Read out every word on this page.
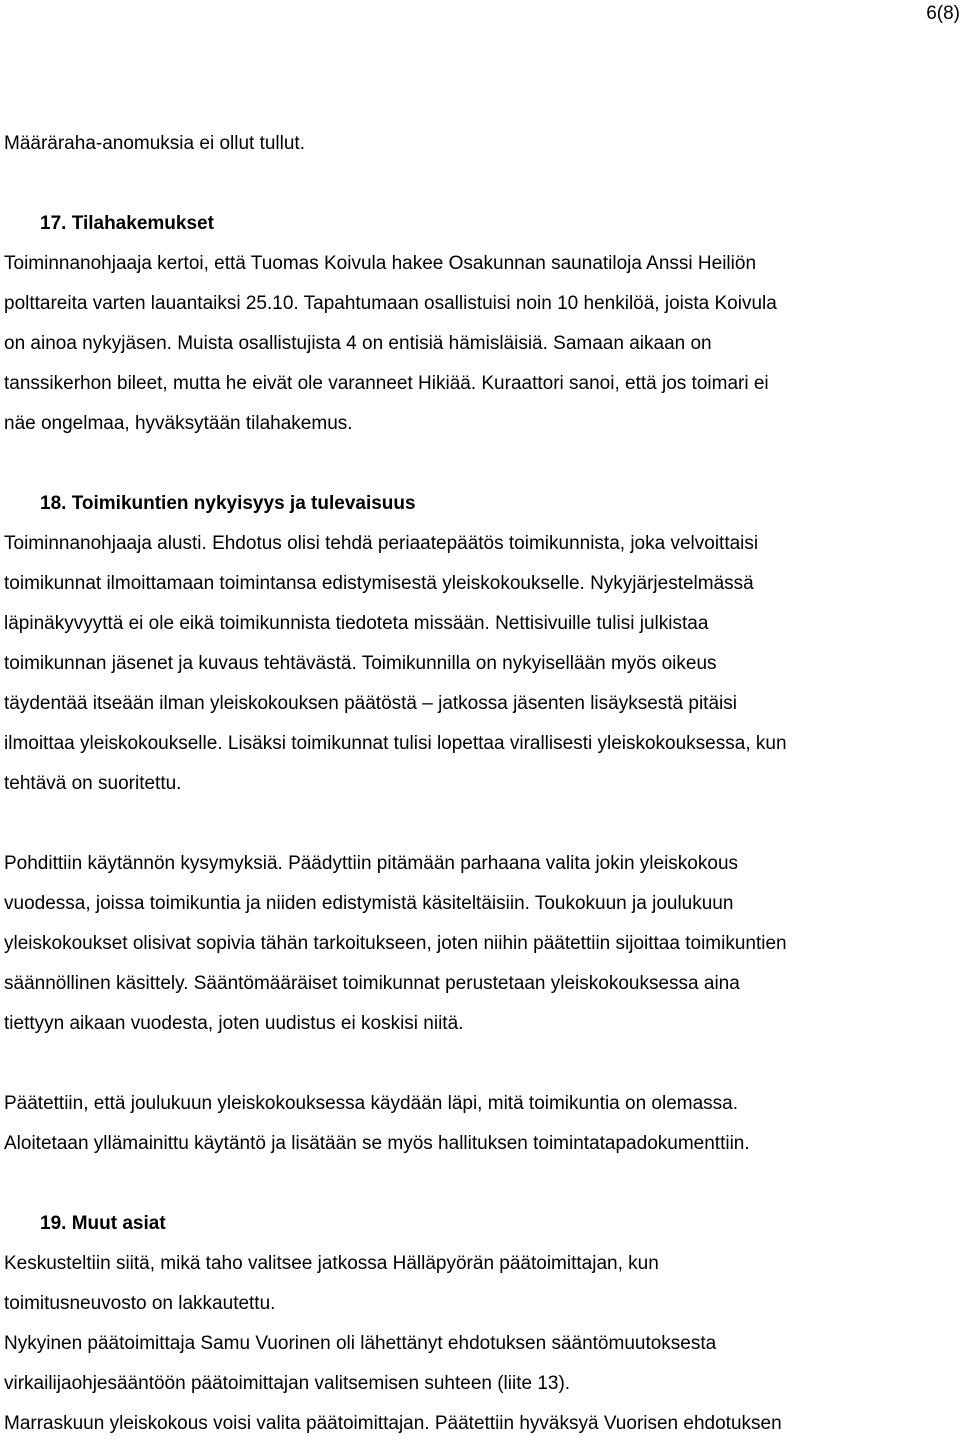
6(8)

Määräraha-anomuksia ei ollut tullut.

17. Tilahakemukset

Toiminnanohjaaja kertoi, että Tuomas Koivula hakee Osakunnan saunatiloja Anssi Heiliön

polttareita varten lauantaiksi 25.10. Tapahtumaan osallistuisi noin 10 henkilöä, joista Koivula

on ainoa nykyjäsen. Muista osallistujista 4 on entisiä hämisläisiä. Samaan aikaan on

tanssikerhon bileet, mutta he eivät ole varanneet Hikiää. Kuraattori sanoi, että jos toimari ei

näe ongelmaa, hyväksytään tilahakemus.

18. Toimikuntien nykyisyys ja tulevaisuus

Toiminnanohjaaja alusti. Ehdotus olisi tehdä periaatepäätös toimikunnista, joka velvoittaisi

toimikunnat ilmoittamaan toimintansa edistymisestä yleiskokoukselle. Nykyjärjestelmässä

läpinäkyvyyttä ei ole eikä toimikunnista tiedoteta missään. Nettisivuille tulisi julkistaa

toimikunnan jäsenet ja kuvaus tehtävästä. Toimikunnilla on nykyisellään myös oikeus

täydentää itseään ilman yleiskokouksen päätöstä – jatkossa jäsenten lisäyksestä pitäisi

ilmoittaa yleiskokoukselle. Lisäksi toimikunnat tulisi lopettaa virallisesti yleiskokouksessa, kun

tehtävä on suoritettu.

Pohdittiin käytännön kysymyksiä. Päädyttiin pitämään parhaana valita jokin yleiskokous

vuodessa, joissa toimikuntia ja niiden edistymistä käsiteltäisiin. Toukokuun ja joulukuun

yleiskokoukset olisivat sopivia tähän tarkoitukseen, joten niihin päätettiin sijoittaa toimikuntien

säännöllinen käsittely. Sääntömääräiset toimikunnat perustetaan yleiskokouksessa aina

tiettyyn aikaan vuodesta, joten uudistus ei koskisi niitä.

Päätettiin, että joulukuun yleiskokouksessa käydään läpi, mitä toimikuntia on olemassa.

Aloitetaan yllämainittu käytäntö ja lisätään se myös hallituksen toimintatapadokumenttiin.

19. Muut asiat

Keskusteltiin siitä, mikä taho valitsee jatkossa Hälläpyörän päätoimittajan, kun

toimitusneuvosto on lakkautettu.

Nykyinen päätoimittaja Samu Vuorinen oli lähettänyt ehdotuksen sääntömuutoksesta

virkailijaohjesääntöön päätoimittajan valitsemisen suhteen (liite 13).

Marraskuun yleiskokous voisi valita päätoimittajan. Päätettiin hyväksyä Vuorisen ehdotuksen
